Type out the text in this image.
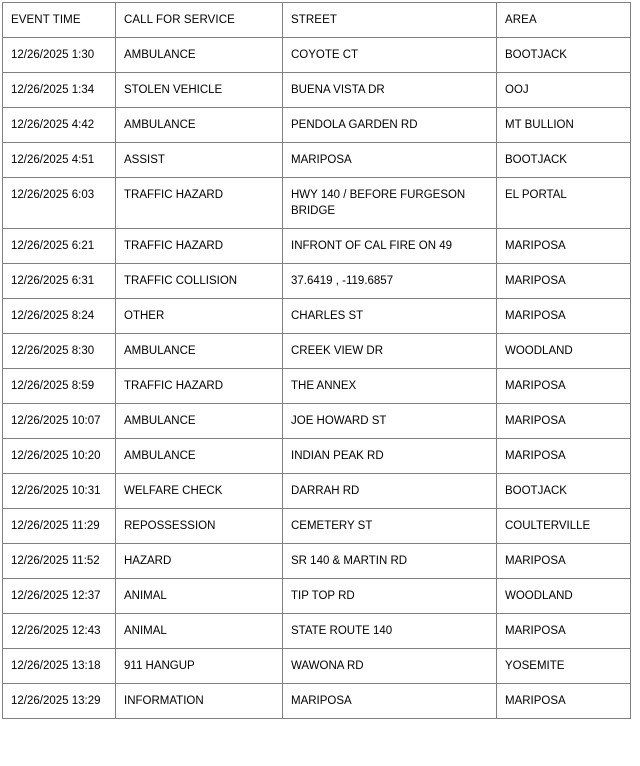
EVENT TIME	CALL FOR SERVICE	STREET	AREA
12/26/2025 1:30	AMBULANCE	COYOTE CT	BOOTJACK
12/26/2025 1:34	STOLEN VEHICLE	BUENA VISTA DR	OOJ
12/26/2025 4:42	AMBULANCE	PENDOLA GARDEN RD	MT BULLION
12/26/2025 4:51	ASSIST	MARIPOSA	BOOTJACK
12/26/2025 6:03	TRAFFIC HAZARD	HWY 140 / BEFORE FURGESON BRIDGE	EL PORTAL
12/26/2025 6:21	TRAFFIC HAZARD	INFRONT OF CAL FIRE ON 49	MARIPOSA
12/26/2025 6:31	TRAFFIC COLLISION	37.6419 , -119.6857	MARIPOSA
12/26/2025 8:24	OTHER	CHARLES ST	MARIPOSA
12/26/2025 8:30	AMBULANCE	CREEK VIEW DR	WOODLAND
12/26/2025 8:59	TRAFFIC HAZARD	THE ANNEX	MARIPOSA
12/26/2025 10:07	AMBULANCE	JOE HOWARD ST	MARIPOSA
12/26/2025 10:20	AMBULANCE	INDIAN PEAK RD	MARIPOSA
12/26/2025 10:31	WELFARE CHECK	DARRAH RD	BOOTJACK
12/26/2025 11:29	REPOSSESSION	CEMETERY ST	COULTERVILLE
12/26/2025 11:52	HAZARD	SR 140 & MARTIN RD	MARIPOSA
12/26/2025 12:37	ANIMAL	TIP TOP RD	WOODLAND
12/26/2025 12:43	ANIMAL	STATE ROUTE 140	MARIPOSA
12/26/2025 13:18	911 HANGUP	WAWONA RD	YOSEMITE
12/26/2025 13:29	INFORMATION	MARIPOSA	MARIPOSA
